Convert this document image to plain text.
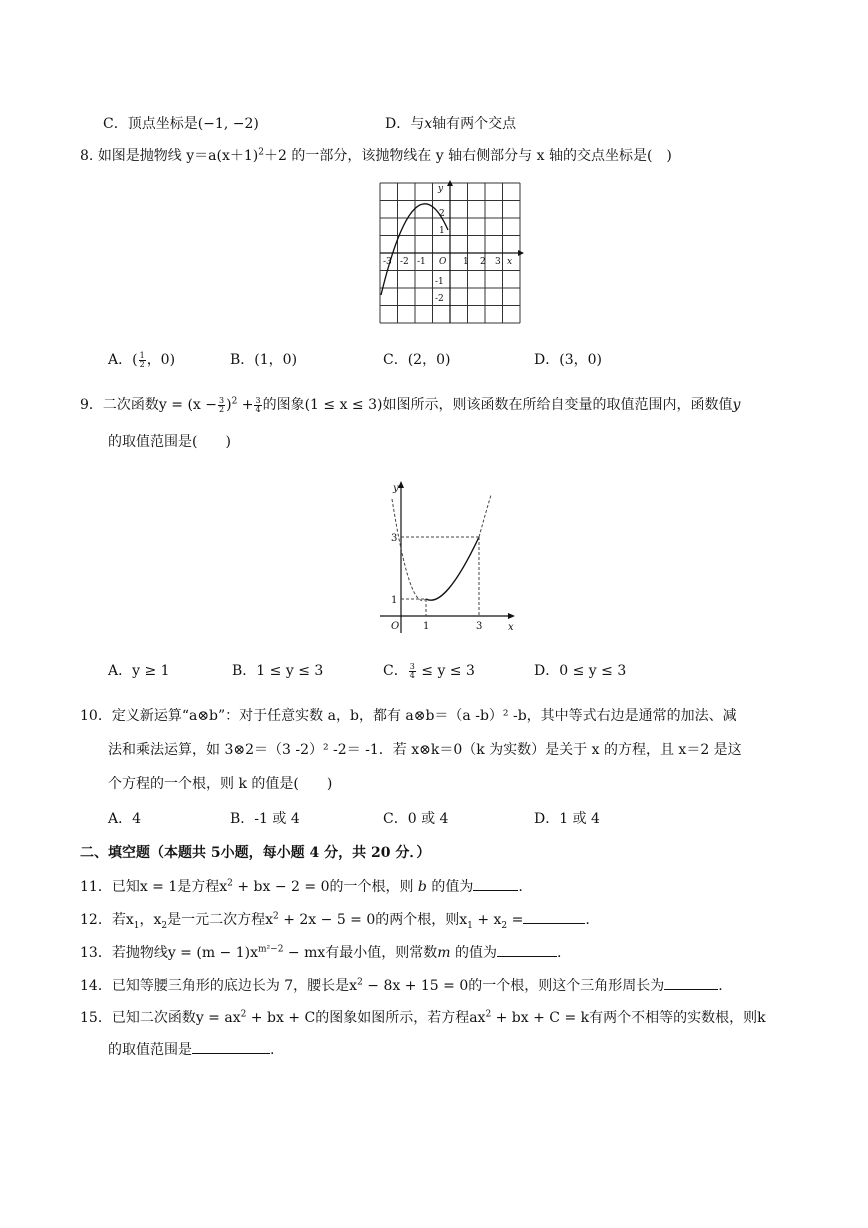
C．顶点坐标是(−1, −2)	D．与x轴有两个交点
8. 如图是抛物线 $y=a(x+1)^2+2$ 的一部分，该抛物线在 y 轴右侧部分与 x 轴的交点坐标是(　)
y
x
O
2
1
-1
-2
-3 -2 -1	1 2 3
A．( $\frac{1}{2}$ ，0)	B．(1，0)	C．(2，0)	D．(3，0)
9．二次函数$y = (x - \frac{3}{2} )^2 + \frac{3}{4}$ 的图象(1 ≤ x ≤ 3)如图所示，则该函数在所给自变量的取值范围内，函数值y
的取值范围是(　　)
y
x
O
3
1
1	3
A．y ≥ 1	B．1 ≤ y ≤ 3	C． $\frac{3}{4} \le y \le 3$	D．0 ≤ y ≤ 3
10．定义新运算“a⊗b”：对于任意实数 a，b，都有 a⊗b＝（a -b）² -b，其中等式右边是通常的加法、减
法和乘法运算，如 3⊗2＝（3 -2）² -2＝ -1．若 x⊗k＝0（k 为实数）是关于 x 的方程，且 x＝2 是这
个方程的一个根，则 k 的值是(　　)
A．4	B．-1 或 4	C．0 或 4	D．1 或 4
二、填空题（本题共 5小题，每小题 4 分，共 20 分．）
11．已知x = 1是方程$x^2$ + bx − 2 = 0的一个根，则 b 的值为	.
12．若$x_1$，$x_2$是一元二次方程$x^2 + 2x - 5 = 0$的两个根，则$x_1 + x_2$ =	.
13．若抛物线$y = (m - 1)x^{m^2-2}$ − mx有最小值，则常数m 的值为	.
14．已知等腰三角形的底边长为 7，腰长是$x^2 - 8x + 15 = 0$的一个根，则这个三角形周长为	.
15．已知二次函数$y = ax^2$ + bx + C的图象如图所示，若方程$ax^2$ + bx + C = k有两个不相等的实数根，则k
的取值范围是	.
